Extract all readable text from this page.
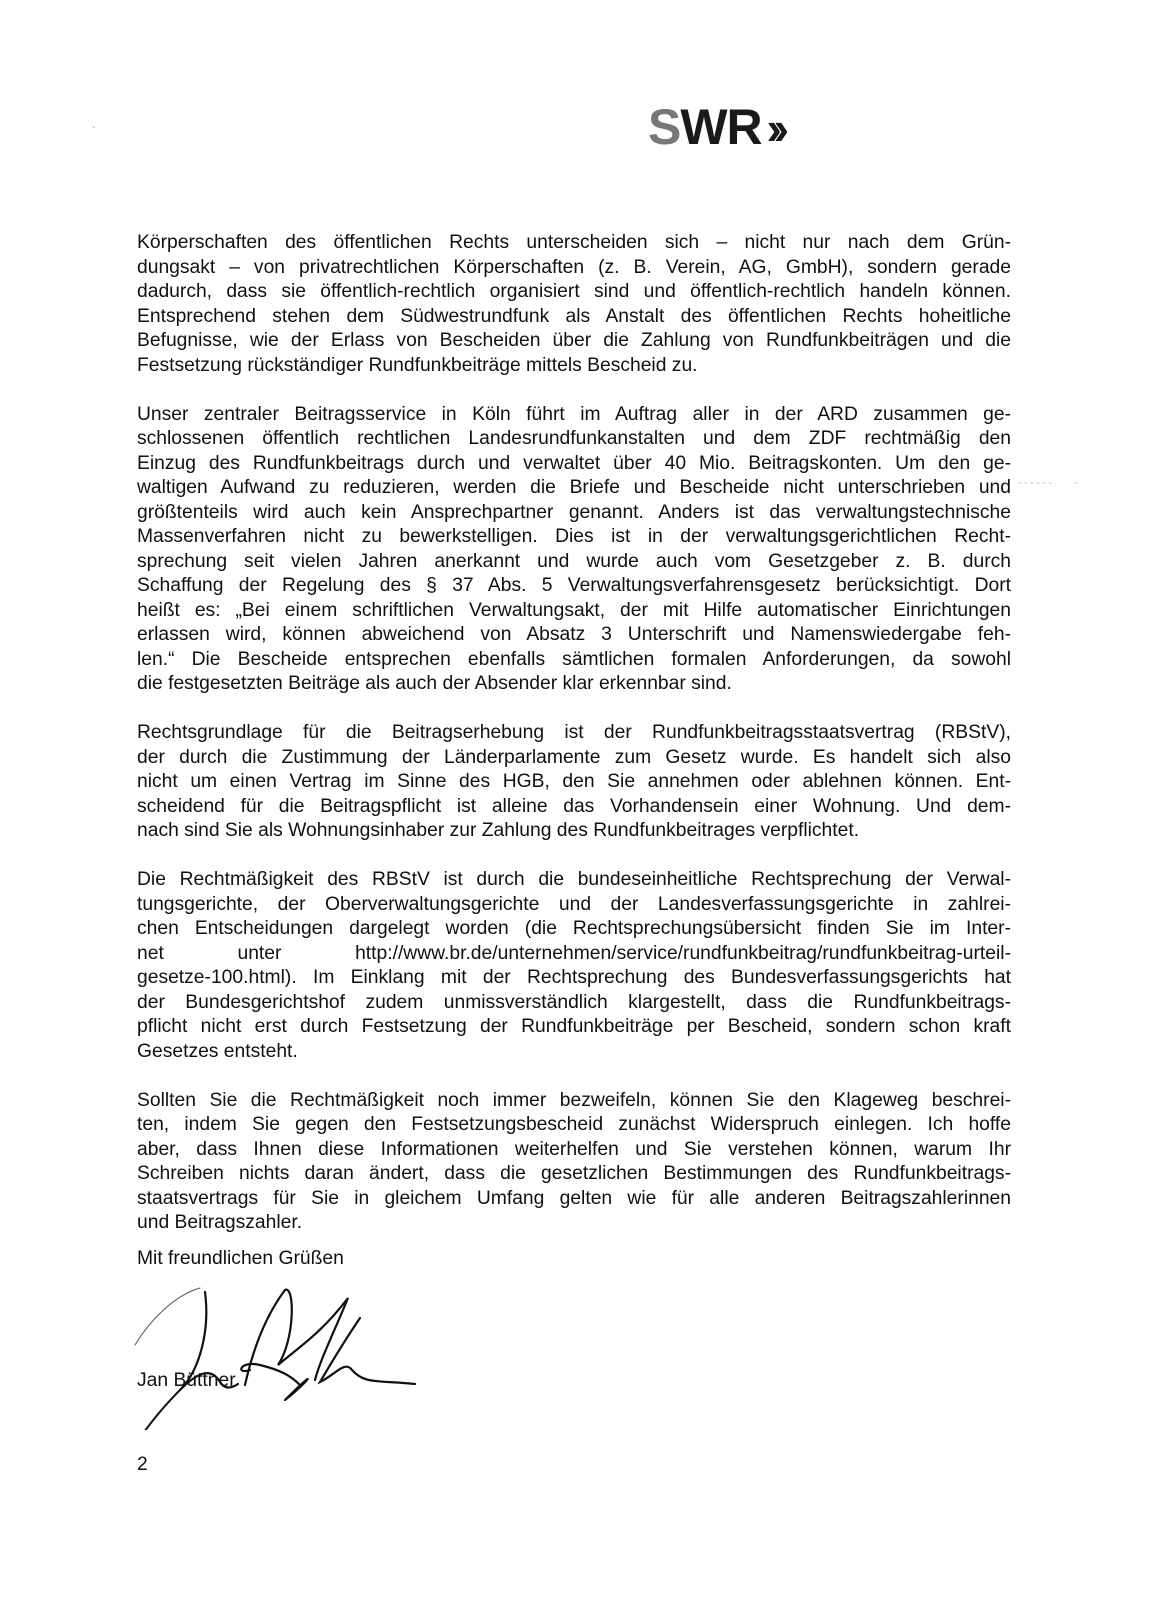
SWR ››
-
- - - - - -        -
Körperschaften des öffentlichen Rechts unterscheiden sich – nicht nur nach dem Grün-
dungsakt – von privatrechtlichen Körperschaften (z. B. Verein, AG, GmbH), sondern gerade
dadurch, dass sie öffentlich-rechtlich organisiert sind und öffentlich-rechtlich handeln können.
Entsprechend stehen dem Südwestrundfunk als Anstalt des öffentlichen Rechts hoheitliche
Befugnisse, wie der Erlass von Bescheiden über die Zahlung von Rundfunkbeiträgen und die
Festsetzung rückständiger Rundfunkbeiträge mittels Bescheid zu.
Unser zentraler Beitragsservice in Köln führt im Auftrag aller in der ARD zusammen ge-
schlossenen öffentlich rechtlichen Landesrundfunkanstalten und dem ZDF rechtmäßig den
Einzug des Rundfunkbeitrags durch und verwaltet über 40 Mio. Beitragskonten. Um den ge-
waltigen Aufwand zu reduzieren, werden die Briefe und Bescheide nicht unterschrieben und
größtenteils wird auch kein Ansprechpartner genannt. Anders ist das verwaltungstechnische
Massenverfahren nicht zu bewerkstelligen. Dies ist in der verwaltungsgerichtlichen Recht-
sprechung seit vielen Jahren anerkannt und wurde auch vom Gesetzgeber z. B. durch
Schaffung der Regelung des § 37 Abs. 5 Verwaltungsverfahrensgesetz berücksichtigt. Dort
heißt es: „Bei einem schriftlichen Verwaltungsakt, der mit Hilfe automatischer Einrichtungen
erlassen wird, können abweichend von Absatz 3 Unterschrift und Namenswiedergabe feh-
len.“ Die Bescheide entsprechen ebenfalls sämtlichen formalen Anforderungen, da sowohl
die festgesetzten Beiträge als auch der Absender klar erkennbar sind.
Rechtsgrundlage für die Beitragserhebung ist der Rundfunkbeitragsstaatsvertrag (RBStV),
der durch die Zustimmung der Länderparlamente zum Gesetz wurde. Es handelt sich also
nicht um einen Vertrag im Sinne des HGB, den Sie annehmen oder ablehnen können. Ent-
scheidend für die Beitragspflicht ist alleine das Vorhandensein einer Wohnung. Und dem-
nach sind Sie als Wohnungsinhaber zur Zahlung des Rundfunkbeitrages verpflichtet.
Die Rechtmäßigkeit des RBStV ist durch die bundeseinheitliche Rechtsprechung der Verwal-
tungsgerichte, der Oberverwaltungsgerichte und der Landesverfassungsgerichte in zahlrei-
chen Entscheidungen dargelegt worden (die Rechtsprechungsübersicht finden Sie im Inter-
net unter http://www.br.de/unternehmen/service/rundfunkbeitrag/rundfunkbeitrag-urteil-
gesetze-100.html). Im Einklang mit der Rechtsprechung des Bundesverfassungsgerichts hat
der Bundesgerichtshof zudem unmissverständlich klargestellt, dass die Rundfunkbeitrags-
pflicht nicht erst durch Festsetzung der Rundfunkbeiträge per Bescheid, sondern schon kraft
Gesetzes entsteht.
Sollten Sie die Rechtmäßigkeit noch immer bezweifeln, können Sie den Klageweg beschrei-
ten, indem Sie gegen den Festsetzungsbescheid zunächst Widerspruch einlegen. Ich hoffe
aber, dass Ihnen diese Informationen weiterhelfen und Sie verstehen können, warum Ihr
Schreiben nichts daran ändert, dass die gesetzlichen Bestimmungen des Rundfunkbeitrags-
staatsvertrags für Sie in gleichem Umfang gelten wie für alle anderen Beitragszahlerinnen
und Beitragszahler.
Mit freundlichen Grüßen
Jan Büttner
2
